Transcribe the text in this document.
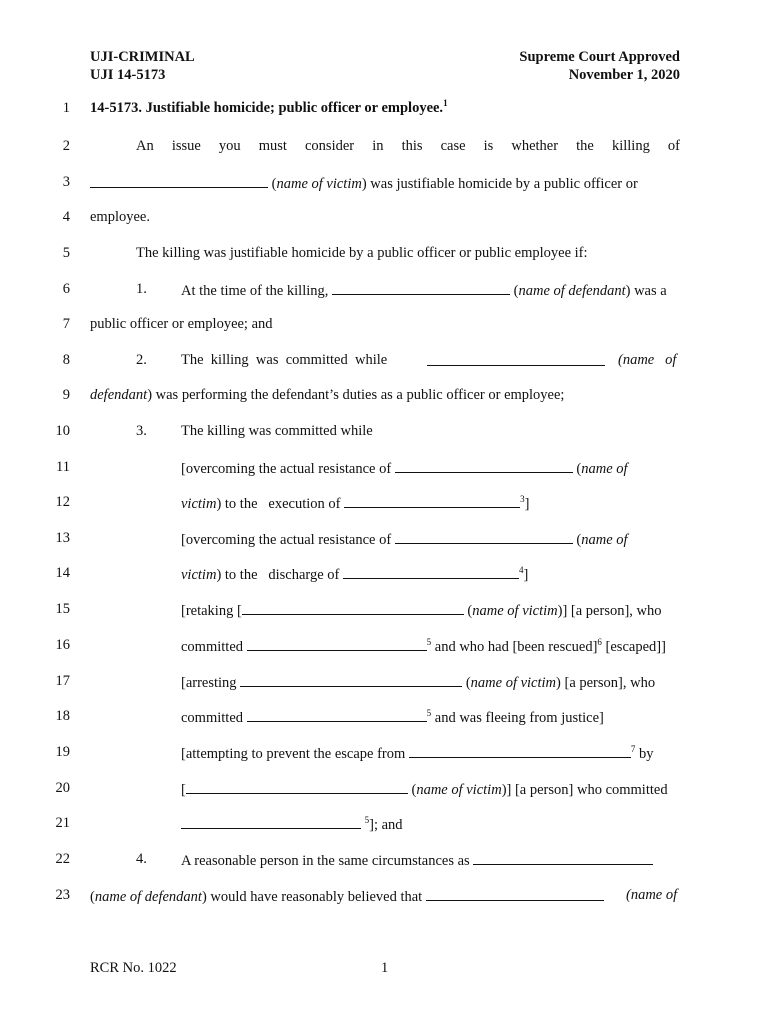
UJI-CRIMINAL
UJI 14-5173
Supreme Court Approved
November 1, 2020
1 14-5173. Justifiable homicide; public officer or employee.$^1$
2	An issue you must consider in this case is whether the killing of
3	(name of victim) was justifiable homicide by a public officer or
4 employee.
5	The killing was justifiable homicide by a public officer or public employee if:
6	1. At the time of the killing,	(name of defendant) was a
7 public officer or employee; and
8	2. The  killing  was  committed  while	(name   of
9 defendant) was performing the defendant’s duties as a public officer or employee;
10	3. The killing was committed while
11	[overcoming the actual resistance of	(name of
12	victim) to the   execution of	$^3$]
13	[overcoming the actual resistance of	(name of
14	victim) to the   discharge of	$^4$]
15	[retaking [	(name of victim)] [a person], who
16	committed	$^5$ and who had [been rescued]$^6$ [escaped]]
17	[arresting	(name of victim) [a person], who
18	committed	$^5$ and was fleeing from justice]
19	[attempting to prevent the escape from	$^7$ by
20	[	(name of victim)] [a person] who committed
21	$^5$]; and
22	4. A reasonable person in the same circumstances as
23 (name of defendant) would have reasonably believed that	(name of
RCR No. 1022	1
